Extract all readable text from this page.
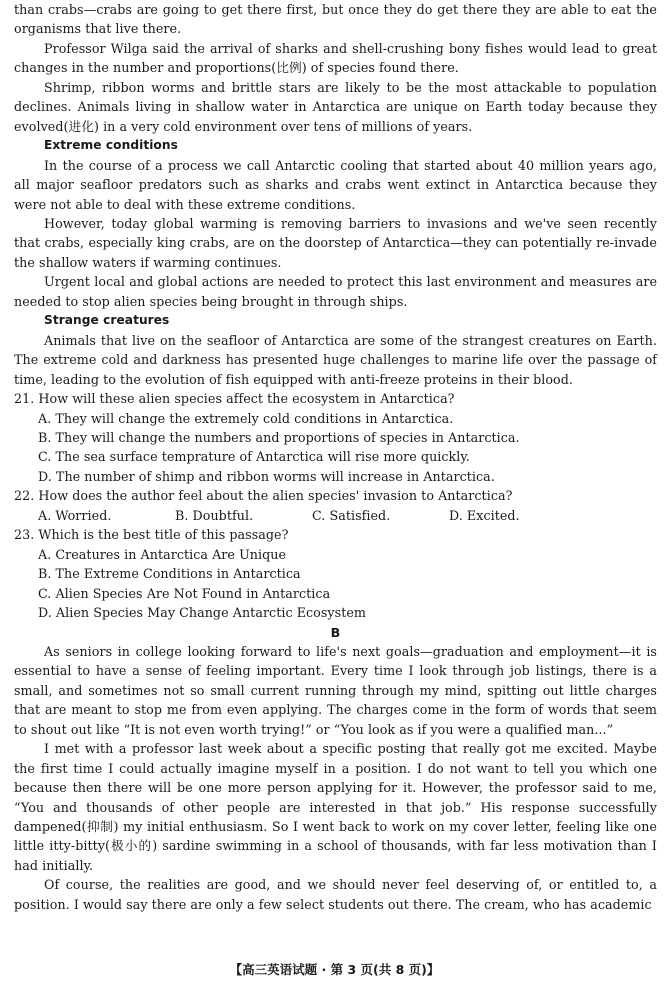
than crabs—crabs are going to get there first, but once they do get there they are able to eat the organisms that live there.

Professor Wilga said the arrival of sharks and shell-crushing bony fishes would lead to great changes in the number and proportions(比例) of species found there.

Shrimp, ribbon worms and brittle stars are likely to be the most attackable to population declines. Animals living in shallow water in Antarctica are unique on Earth today because they evolved(进化) in a very cold environment over tens of millions of years.

Extreme conditions

In the course of a process we call Antarctic cooling that started about 40 million years ago, all major seafloor predators such as sharks and crabs went extinct in Antarctica because they were not able to deal with these extreme conditions.

However, today global warming is removing barriers to invasions and we've seen recently that crabs, especially king crabs, are on the doorstep of Antarctica—they can potentially re-invade the shallow waters if warming continues.

Urgent local and global actions are needed to protect this last environment and measures are needed to stop alien species being brought in through ships.

Strange creatures

Animals that live on the seafloor of Antarctica are some of the strangest creatures on Earth. The extreme cold and darkness has presented huge challenges to marine life over the passage of time, leading to the evolution of fish equipped with anti-freeze proteins in their blood.

21. How will these alien species affect the ecosystem in Antarctica?

A. They will change the extremely cold conditions in Antarctica.

B. They will change the numbers and proportions of species in Antarctica.

C. The sea surface temprature of Antarctica will rise more quickly.

D. The number of shimp and ribbon worms will increase in Antarctica.

22. How does the author feel about the alien species' invasion to Antarctica?

A. Worried.	B. Doubtful.	C. Satisfied.	D. Excited.

23. Which is the best title of this passage?

A. Creatures in Antarctica Are Unique

B. The Extreme Conditions in Antarctica

C. Alien Species Are Not Found in Antarctica

D. Alien Species May Change Antarctic Ecosystem

B

As seniors in college looking forward to life's next goals—graduation and employment—it is essential to have a sense of feeling important. Every time I look through job listings, there is a small, and sometimes not so small current running through my mind, spitting out little charges that are meant to stop me from even applying. The charges come in the form of words that seem to shout out like “It is not even worth trying!” or “You look as if you were a qualified man...”

I met with a professor last week about a specific posting that really got me excited. Maybe the first time I could actually imagine myself in a position. I do not want to tell you which one because then there will be one more person applying for it. However, the professor said to me, “You and thousands of other people are interested in that job.” His response successfully dampened(抑制) my initial enthusiasm. So I went back to work on my cover letter, feeling like one little itty-bitty(极小的) sardine swimming in a school of thousands, with far less motivation than I had initially.

Of course, the realities are good, and we should never feel deserving of, or entitled to, a position. I would say there are only a few select students out there. The cream, who has academic

【高三英语试题 · 第 3 页(共 8 页)】
